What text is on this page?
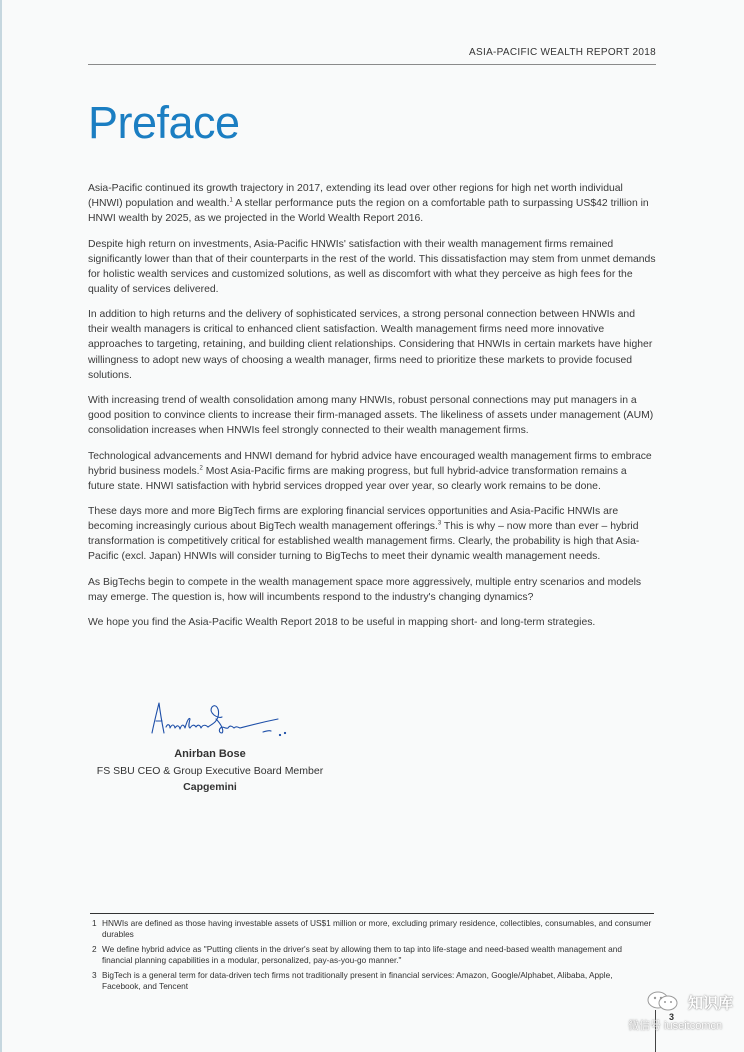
ASIA-PACIFIC WEALTH REPORT 2018
Preface

Asia-Pacific continued its growth trajectory in 2017, extending its lead over other regions for high net worth individual (HNWI) population and wealth.$^1$ A stellar performance puts the region on a comfortable path to surpassing US$42 trillion in HNWI wealth by 2025, as we projected in the World Wealth Report 2016.

Despite high return on investments, Asia-Pacific HNWIs' satisfaction with their wealth management firms remained significantly lower than that of their counterparts in the rest of the world. This dissatisfaction may stem from unmet demands for holistic wealth services and customized solutions, as well as discomfort with what they perceive as high fees for the quality of services delivered.

In addition to high returns and the delivery of sophisticated services, a strong personal connection between HNWIs and their wealth managers is critical to enhanced client satisfaction. Wealth management firms need more innovative approaches to targeting, retaining, and building client relationships. Considering that HNWIs in certain markets have higher willingness to adopt new ways of choosing a wealth manager, firms need to prioritize these markets to provide focused solutions.

With increasing trend of wealth consolidation among many HNWIs, robust personal connections may put managers in a good position to convince clients to increase their firm-managed assets. The likeliness of assets under management (AUM) consolidation increases when HNWIs feel strongly connected to their wealth management firms.

Technological advancements and HNWI demand for hybrid advice have encouraged wealth management firms to embrace hybrid business models.$^2$ Most Asia-Pacific firms are making progress, but full hybrid-advice transformation remains a future state. HNWI satisfaction with hybrid services dropped year over year, so clearly work remains to be done.

These days more and more BigTech firms are exploring financial services opportunities and Asia-Pacific HNWIs are becoming increasingly curious about BigTech wealth management offerings.$^3$ This is why – now more than ever – hybrid transformation is competitively critical for established wealth management firms. Clearly, the probability is high that Asia-Pacific (excl. Japan) HNWIs will consider turning to BigTechs to meet their dynamic wealth management needs.

As BigTechs begin to compete in the wealth management space more aggressively, multiple entry scenarios and models may emerge. The question is, how will incumbents respond to the industry's changing dynamics?

We hope you find the Asia-Pacific Wealth Report 2018 to be useful in mapping short- and long-term strategies.

Anirban Bose
FS SBU CEO & Group Executive Board Member
Capgemini
1 HNWIs are defined as those having investable assets of US$1 million or more, excluding primary residence, collectibles, consumables, and consumer durables
2 We define hybrid advice as "Putting clients in the driver's seat by allowing them to tap into life-stage and need-based wealth management and financial planning capabilities in a modular, personalized, pay-as-you-go manner."
3 BigTech is a general term for data-driven tech firms not traditionally present in financial services: Amazon, Google/Alphabet, Alibaba, Apple, Facebook, and Tencent
3
知识库
微信号 iuseitcomcn
